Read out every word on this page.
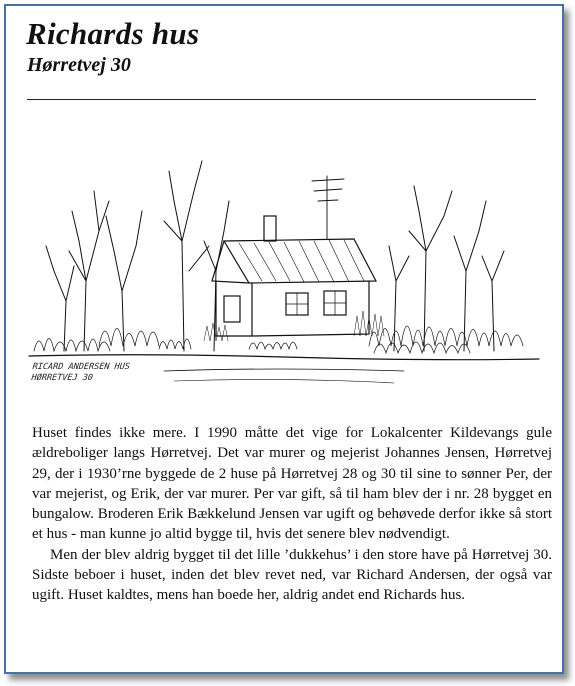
Richards hus
Hørretvej 30
RICARD ANDERSEN HUS
HØRRETVEJ 30

Huset findes ikke mere. I 1990 måtte det vige for Lokalcenter Kildevangs gule ældreboliger langs Hørretvej. Det var murer og mejerist Johannes Jensen, Hørretvej 29, der i 1930’rne byggede de 2 huse på Hørretvej 28 og 30 til sine to sønner Per, der var mejerist, og Erik, der var murer. Per var gift, så til ham blev der i nr. 28 bygget en bungalow. Broderen Erik Bækkelund Jensen var ugift og behøvede derfor ikke så stort et hus - man kunne jo altid bygge til, hvis det senere blev nødvendigt.

Men der blev aldrig bygget til det lille ’dukkehus’ i den store have på Hørretvej 30. Sidste beboer i huset, inden det blev revet ned, var Richard Andersen, der også var ugift. Huset kaldtes, mens han boede her, aldrig andet end Richards hus.
